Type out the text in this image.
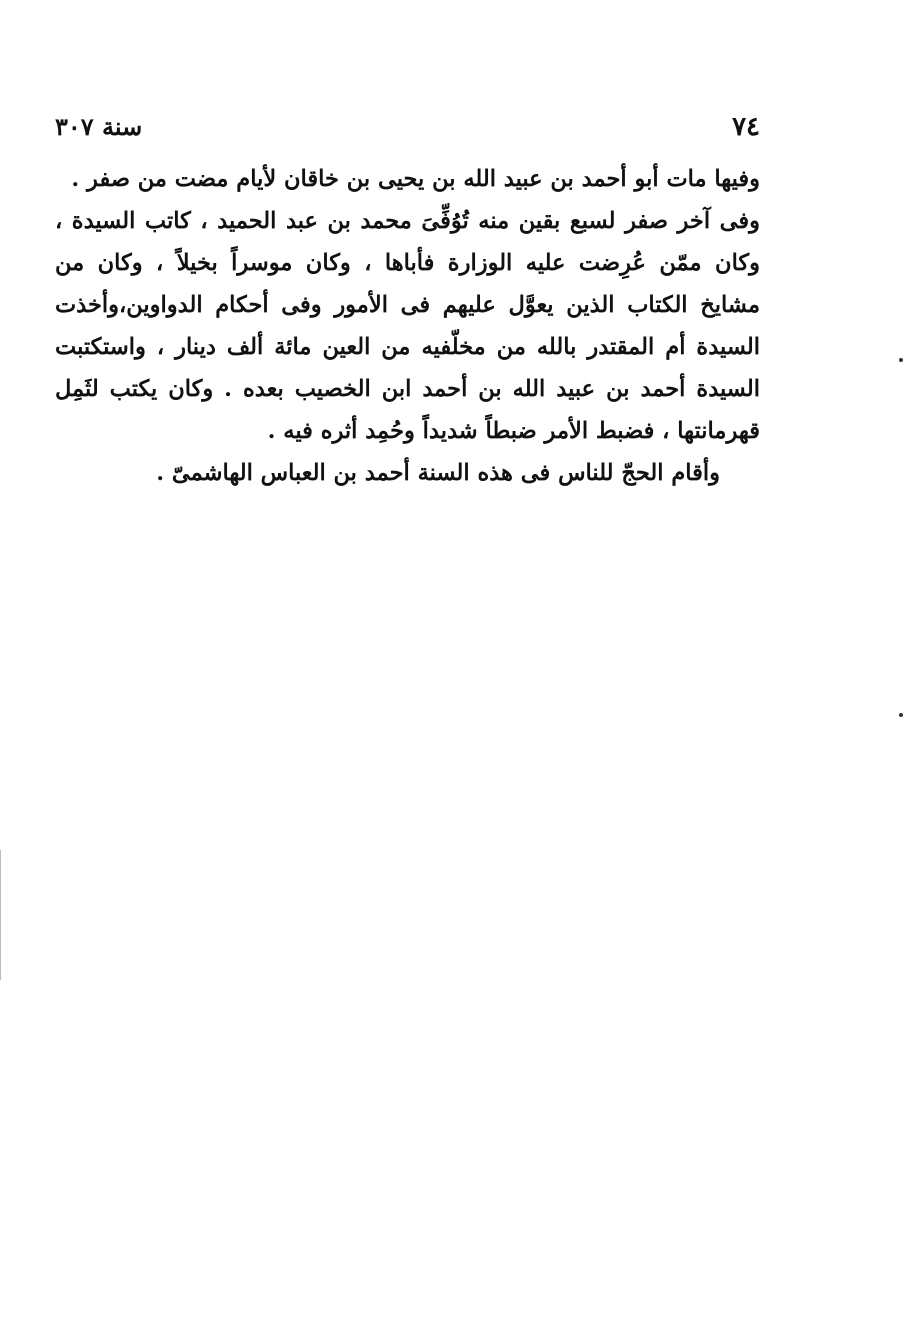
٧٤
سنة ٣٠٧

وفيها مات أبو أحمد بن عبيد الله بن يحيى بن خاقان لأيام مضت من صفر .

وفى آخر صفر لسبع بقين منه تُوُفِّىَ محمد بن عبد الحميد ، كاتب السيدة ، وكان ممّن عُرِضت عليه الوزارة فأباها ، وكان موسراً بخيلاً ، وكان من مشايخ الكتاب الذين يعوَّل عليهم فى الأمور وفى أحكام الدواوين،وأخذت السيدة أم المقتدر بالله من مخلّفيه من العين مائة ألف دينار ، واستكتبت السيدة أحمد بن عبيد الله بن أحمد ابن الخصيب بعده . وكان يكتب لثَمِل قهرمانتها ، فضبط الأمر ضبطاً شديداً وحُمِد أثره فيه .

وأقام الحجّ للناس فى هذه السنة أحمد بن العباس الهاشمىّ .
